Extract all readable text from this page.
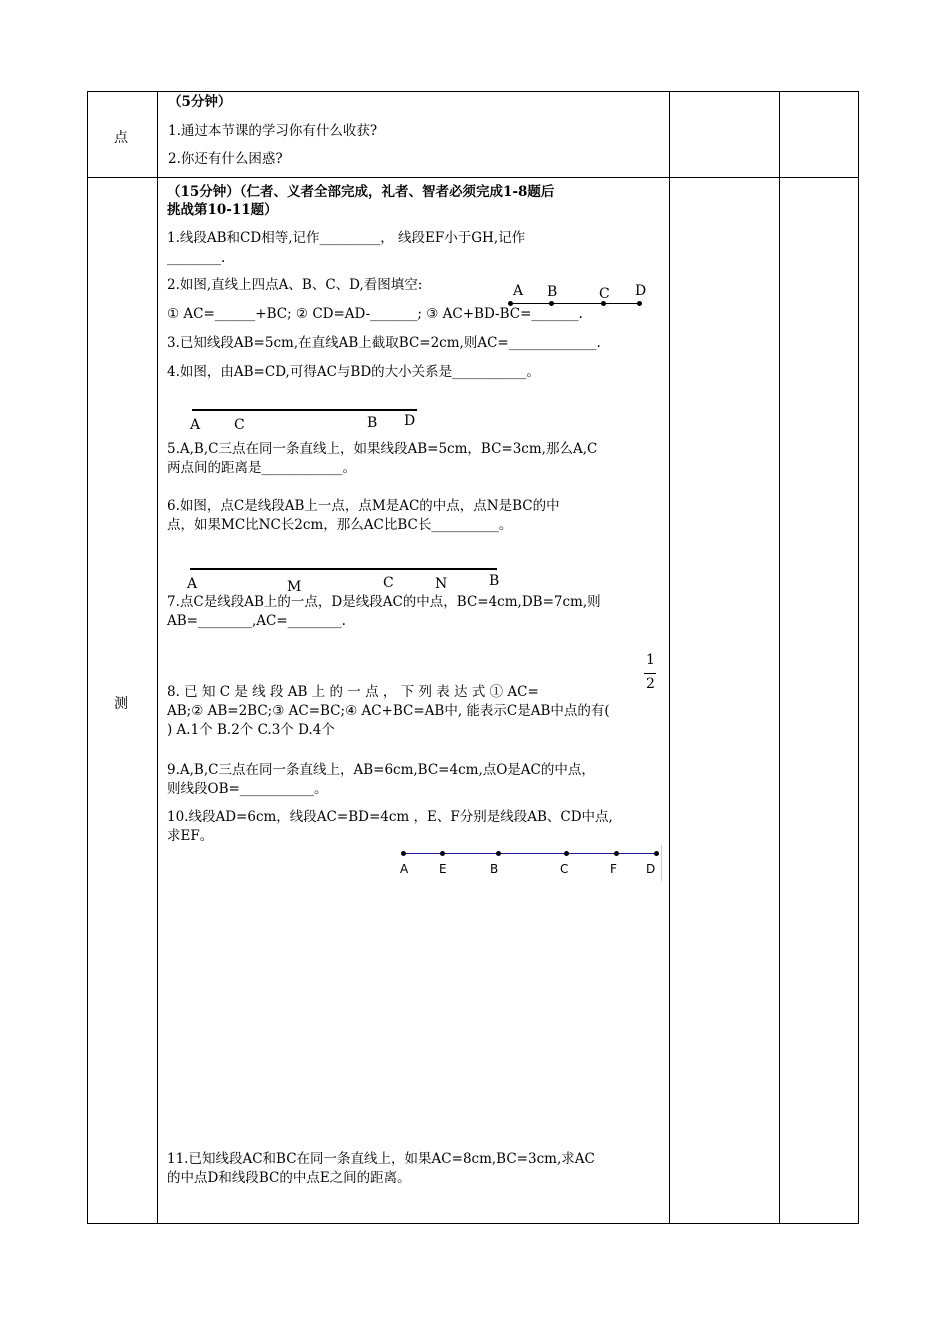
点
（5分钟）
1.通过本节课的学习你有什么收获?
2.你还有什么困惑?
测
（15分钟）（仁者、义者全部完成，礼者、智者必须完成1-8题后
挑战第10-11题）
1.线段AB和CD相等,记作_________， 线段EF小于GH,记作
________.
2.如图,直线上四点A、B、C、D,看图填空:
① AC=______+BC; ② CD=AD-_______; ③ AC+BD-BC=_______.
A B	C D
3.已知线段AB=5cm,在直线AB上截取BC=2cm,则AC=_____________.
4.如图，由AB=CD,可得AC与BD的大小关系是___________。
A C	B D
5.A,B,C三点在同一条直线上，如果线段AB=5cm，BC=3cm,那么A,C
两点间的距离是____________。
6.如图，点C是线段AB上一点，点M是AC的中点，点N是BC的中
点，如果MC比NC长2cm，那么AC比BC长__________。
A	M	C	N	B
7.点C是线段AB上的一点，D是线段AC的中点，BC=4cm,DB=7cm,则
AB=________,AC=________.
1
2
8. 已 知 C 是 线 段 AB 上 的 一 点 ， 下 列 表 达 式 ① AC=
AB;② AB=2BC;③ AC=BC;④ AC+BC=AB中, 能表示C是AB中点的有(
) A.1个 B.2个 C.3个 D.4个
9.A,B,C三点在同一条直线上，AB=6cm,BC=4cm,点O是AC的中点，
则线段OB=___________。
10.线段AD=6cm，线段AC=BD=4cm ，E、F分别是线段AB、CD中点,
求EF。
A	E	B	C	F D
11.已知线段AC和BC在同一条直线上，如果AC=8cm,BC=3cm,求AC
的中点D和线段BC的中点E之间的距离。
